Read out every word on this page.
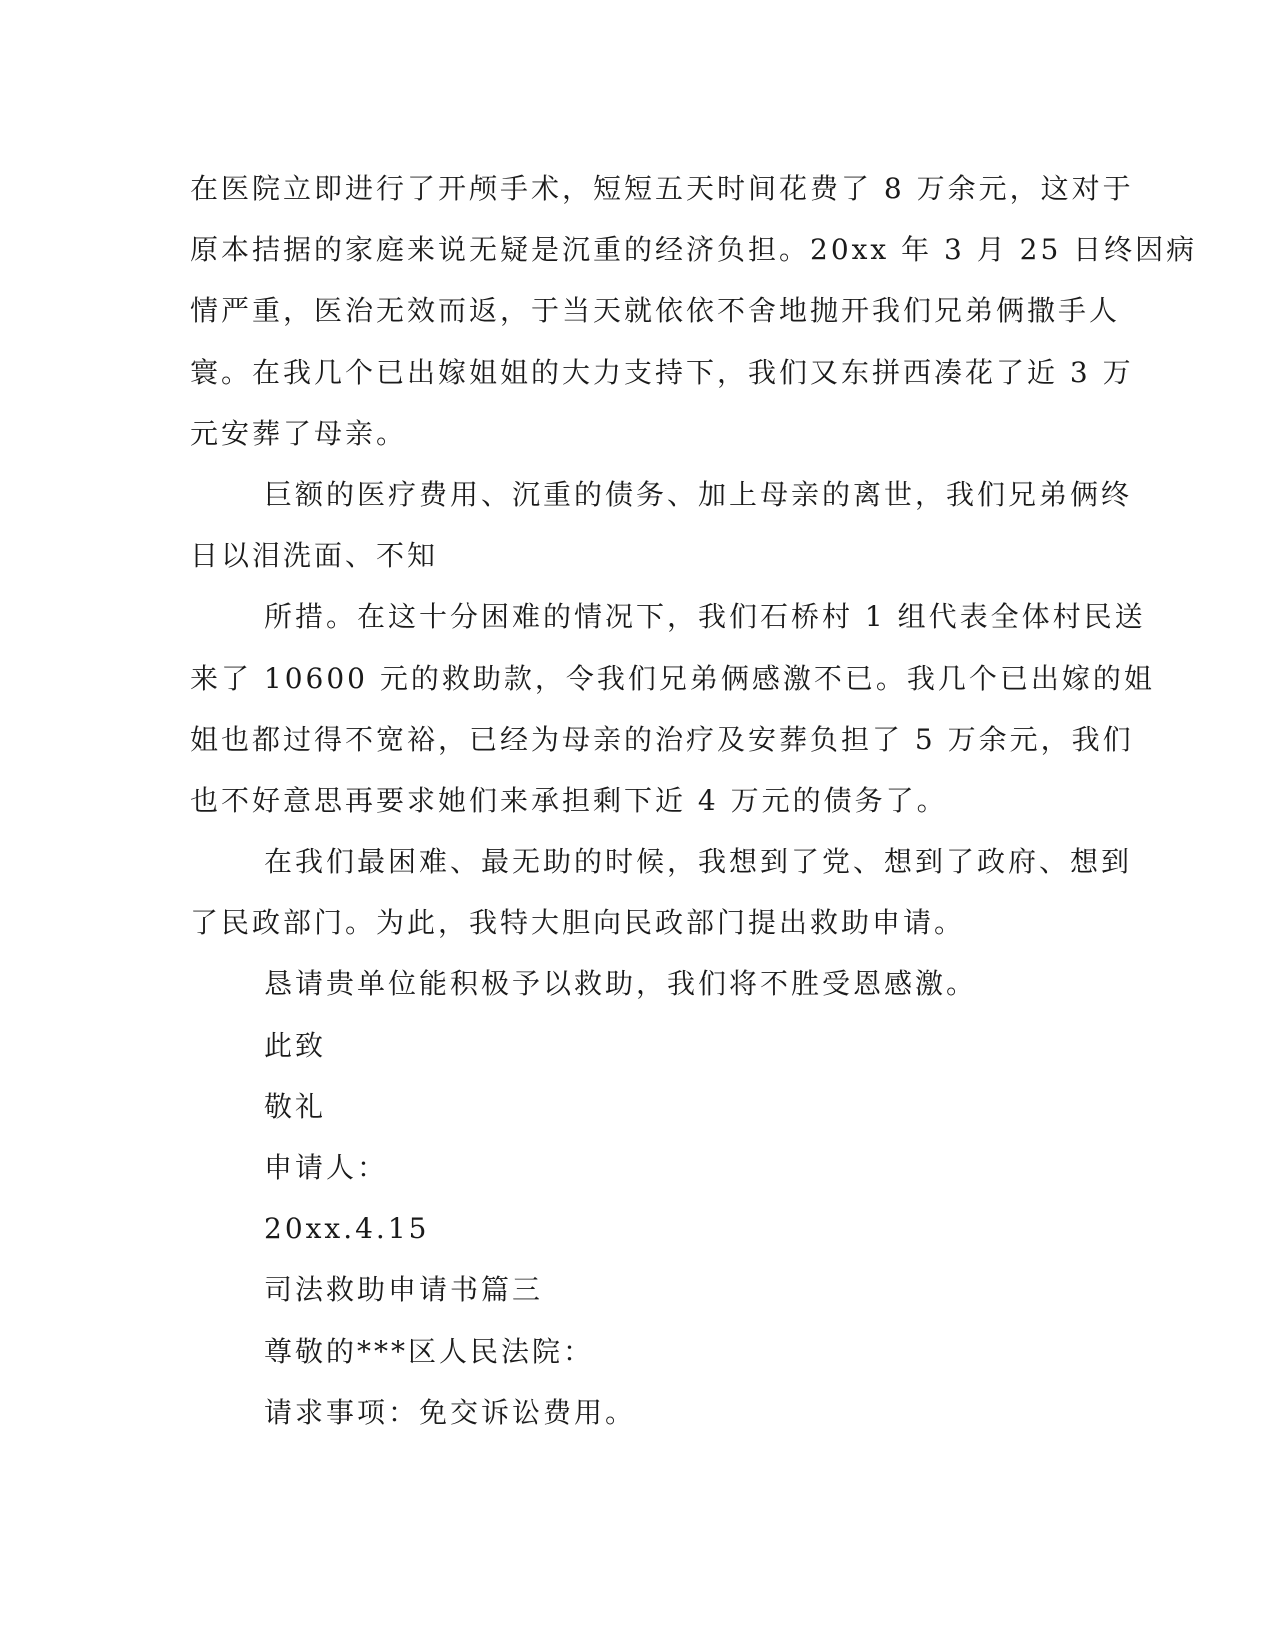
在医院立即进行了开颅手术，短短五天时间花费了 8 万余元，这对于
原本拮据的家庭来说无疑是沉重的经济负担。20xx 年 3 月 25 日终因病
情严重，医治无效而返，于当天就依依不舍地抛开我们兄弟俩撒手人
寰。在我几个已出嫁姐姐的大力支持下，我们又东拼西凑花了近 3 万
元安葬了母亲。
巨额的医疗费用、沉重的债务、加上母亲的离世，我们兄弟俩终
日以泪洗面、不知
所措。在这十分困难的情况下，我们石桥村 1 组代表全体村民送
来了 10600 元的救助款，令我们兄弟俩感激不已。我几个已出嫁的姐
姐也都过得不宽裕，已经为母亲的治疗及安葬负担了 5 万余元，我们
也不好意思再要求她们来承担剩下近 4 万元的债务了。
在我们最困难、最无助的时候，我想到了党、想到了政府、想到
了民政部门。为此，我特大胆向民政部门提出救助申请。
恳请贵单位能积极予以救助，我们将不胜受恩感激。
此致
敬礼
申请人：
20xx.4.15
司法救助申请书篇三
尊敬的***区人民法院：
请求事项：免交诉讼费用。
